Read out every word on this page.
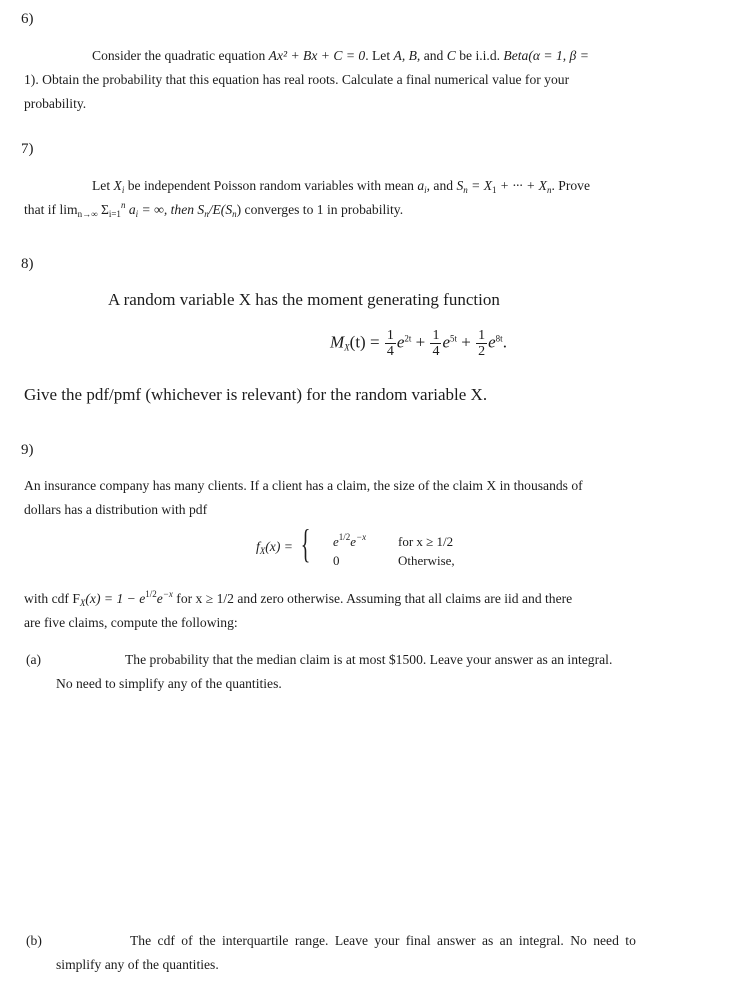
6)
Consider the quadratic equation Ax² + Bx + C = 0. Let A, B, and C be i.i.d. Beta(α = 1, β =
1). Obtain the probability that this equation has real roots. Calculate a final numerical value for your
probability.
7)
Let $X_i$ be independent Poisson random variables with mean $a_i$, and $S_n = X_1$ + ··· + $X_n$. Prove
that if $\lim_{n\to\infty} \Sigma_{i=1}^n$ $a_i$ = ∞, then $S_n/E(S_n)$ converges to 1 in probability.
8)
A random variable X has the moment generating function
$M_X(t) = \frac{1}{4} e^{2t} + \frac{1}{4} e^{5t} + \frac{1}{2} e^{8t}$.
Give the pdf/pmf (whichever is relevant) for the random variable X.
9)
An insurance company has many clients. If a client has a claim, the size of the claim X in thousands of
dollars has a distribution with pdf
$f_X(x)$ = {	$e^{1/2}e^{-x}$ for x ≥ 1/2
0	Otherwise,
with cdf $F_X(x) = 1 - e^{1/2}e^{-x}$ for x ≥ 1/2 and zero otherwise. Assuming that all claims are iid and there
are five claims, compute the following:
(a)	The probability that the median claim is at most $1500. Leave your answer as an integral.
No need to simplify any of the quantities.
(b)	The cdf of the interquartile range. Leave your final answer as an integral. No need to
simplify any of the quantities.
